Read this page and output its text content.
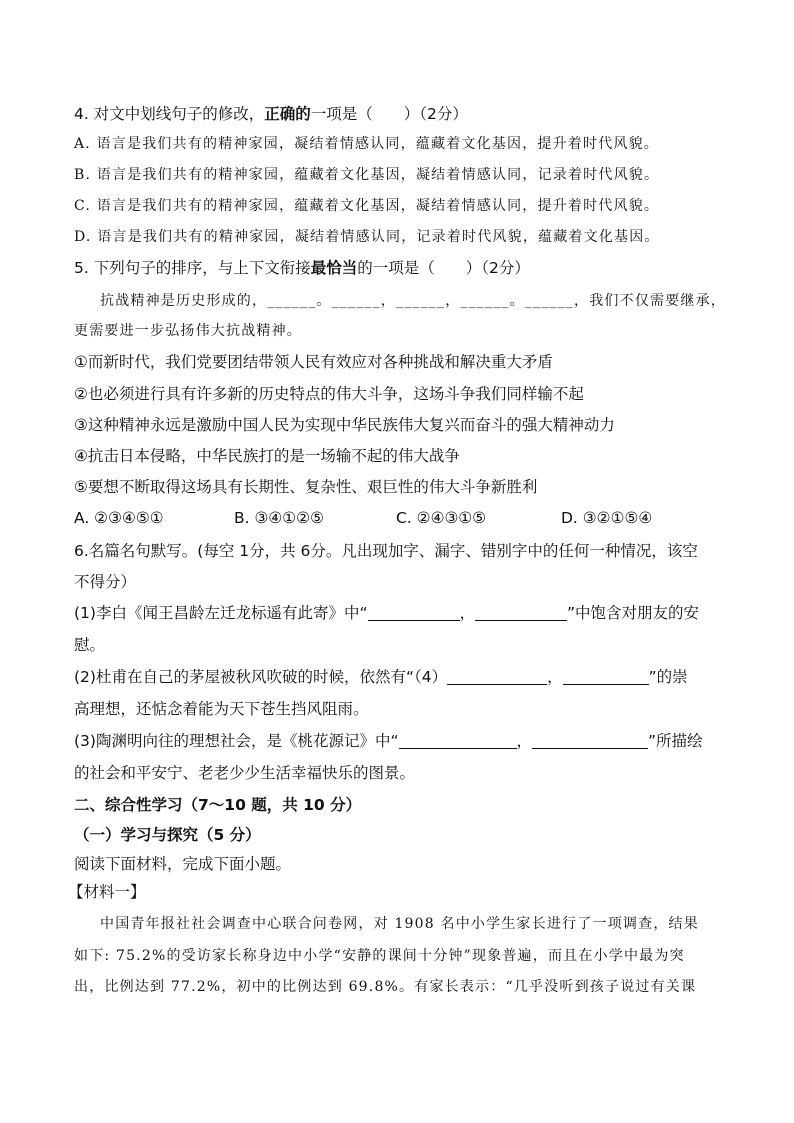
4. 对文中划线句子的修改，正确的一项是（　　）（2分）
A. 语言是我们共有的精神家园，凝结着情感认同，蕴藏着文化基因，提升着时代风貌。
B. 语言是我们共有的精神家园，蕴藏着文化基因，凝结着情感认同，记录着时代风貌。
C. 语言是我们共有的精神家园，蕴藏着文化基因，凝结着情感认同，提升着时代风貌。
D. 语言是我们共有的精神家园，凝结着情感认同，记录着时代风貌，蕴藏着文化基因。
5. 下列句子的排序，与上下文衔接最恰当的一项是（　　）（2分）
抗战精神是历史形成的，______。______，______，______。______，我们不仅需要继承，
更需要进一步弘扬伟大抗战精神。
①而新时代，我们党要团结带领人民有效应对各种挑战和解决重大矛盾
②也必须进行具有许多新的历史特点的伟大斗争，这场斗争我们同样输不起
③这种精神永远是激励中国人民为实现中华民族伟大复兴而奋斗的强大精神动力
④抗击日本侵略，中华民族打的是一场输不起的伟大战争
⑤要想不断取得这场具有长期性、复杂性、艰巨性的伟大斗争新胜利
A. ②③④⑤①	B. ③④①②⑤	C. ②④③①⑤	D. ③②①⑤④
6.名篇名句默写。(每空 1分，共 6分。凡出现加字、漏字、错别字中的任何一种情况，该空
不得分）
(1)李白《闻王昌龄左迁龙标遥有此寄》中“	，	”中饱含对朋友的安
慰。
(2)杜甫在自己的茅屋被秋风吹破的时候，依然有“（4）	，	”的崇
高理想，还惦念着能为天下苍生挡风阻雨。
(3)陶渊明向往的理想社会，是《桃花源记》中“	，	”所描绘
的社会和平安宁、老老少少生活幸福快乐的图景。
二、综合性学习（7～10 题，共 10 分）
（一）学习与探究（5 分）
阅读下面材料，完成下面小题。
【材料一】
中国青年报社社会调查中心联合问卷网，对 1908 名中小学生家长进行了一项调查，结果
如下: 75.2%的受访家长称身边中小学“安静的课间十分钟”现象普遍，而且在小学中最为突
出，比例达到 77.2%，初中的比例达到 69.8%。有家长表示：“几乎没听到孩子说过有关课
